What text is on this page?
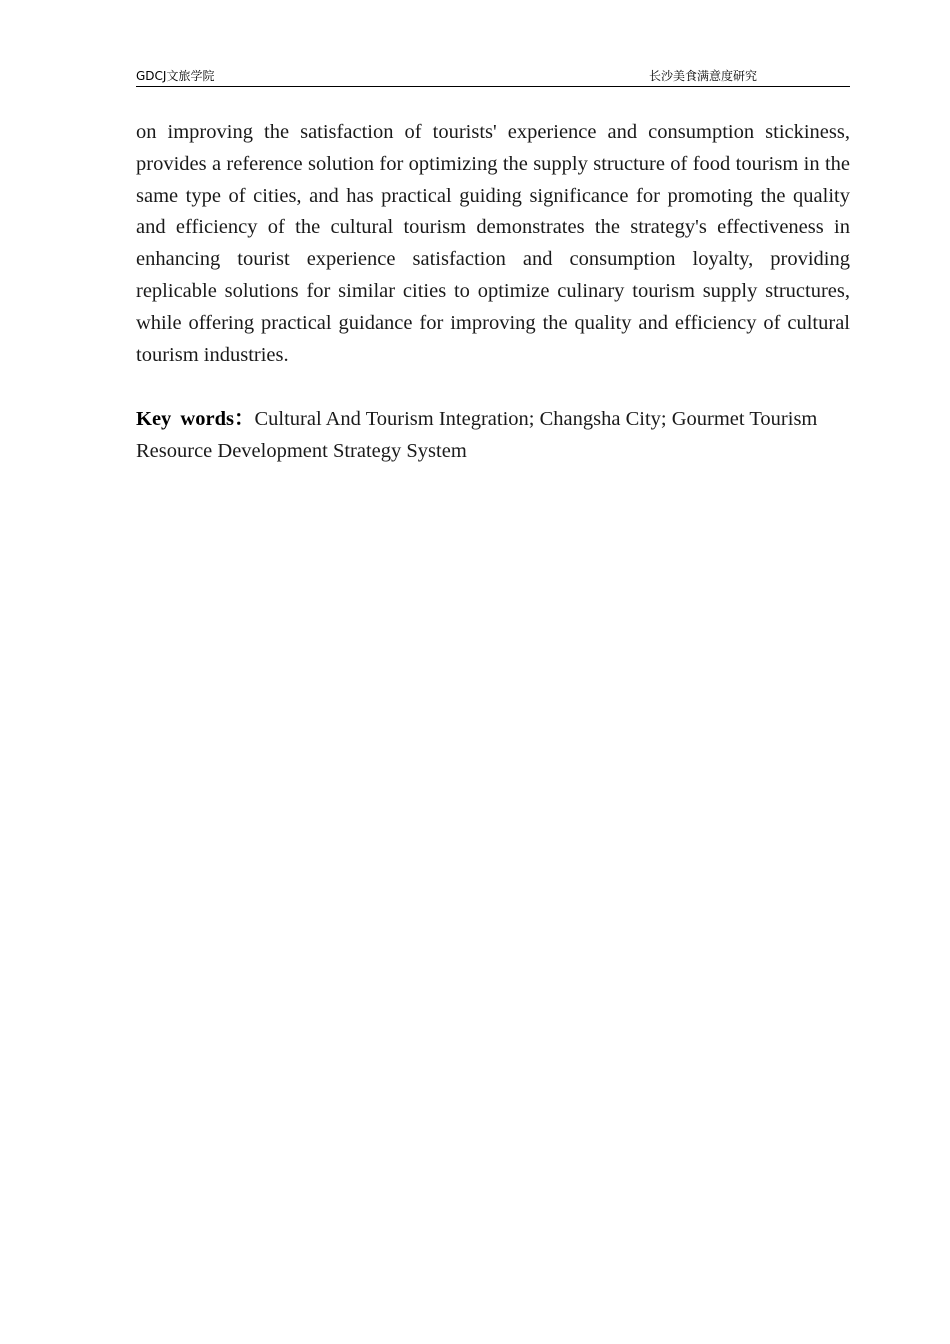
GDCJ文旅学院	长沙美食满意度研究

on improving the satisfaction of tourists' experience and consumption stickiness, provides a reference solution for optimizing the supply structure of food tourism in the same type of cities, and has practical guiding significance for promoting the quality and efficiency of the cultural tourism demonstrates the strategy's effectiveness in enhancing tourist experience satisfaction and consumption loyalty, providing replicable solutions for similar cities to optimize culinary tourism supply structures, while offering practical guidance for improving the quality and efficiency of cultural tourism industries.

Key words：Cultural And Tourism Integration; Changsha City; Gourmet Tourism Resource Development Strategy System
